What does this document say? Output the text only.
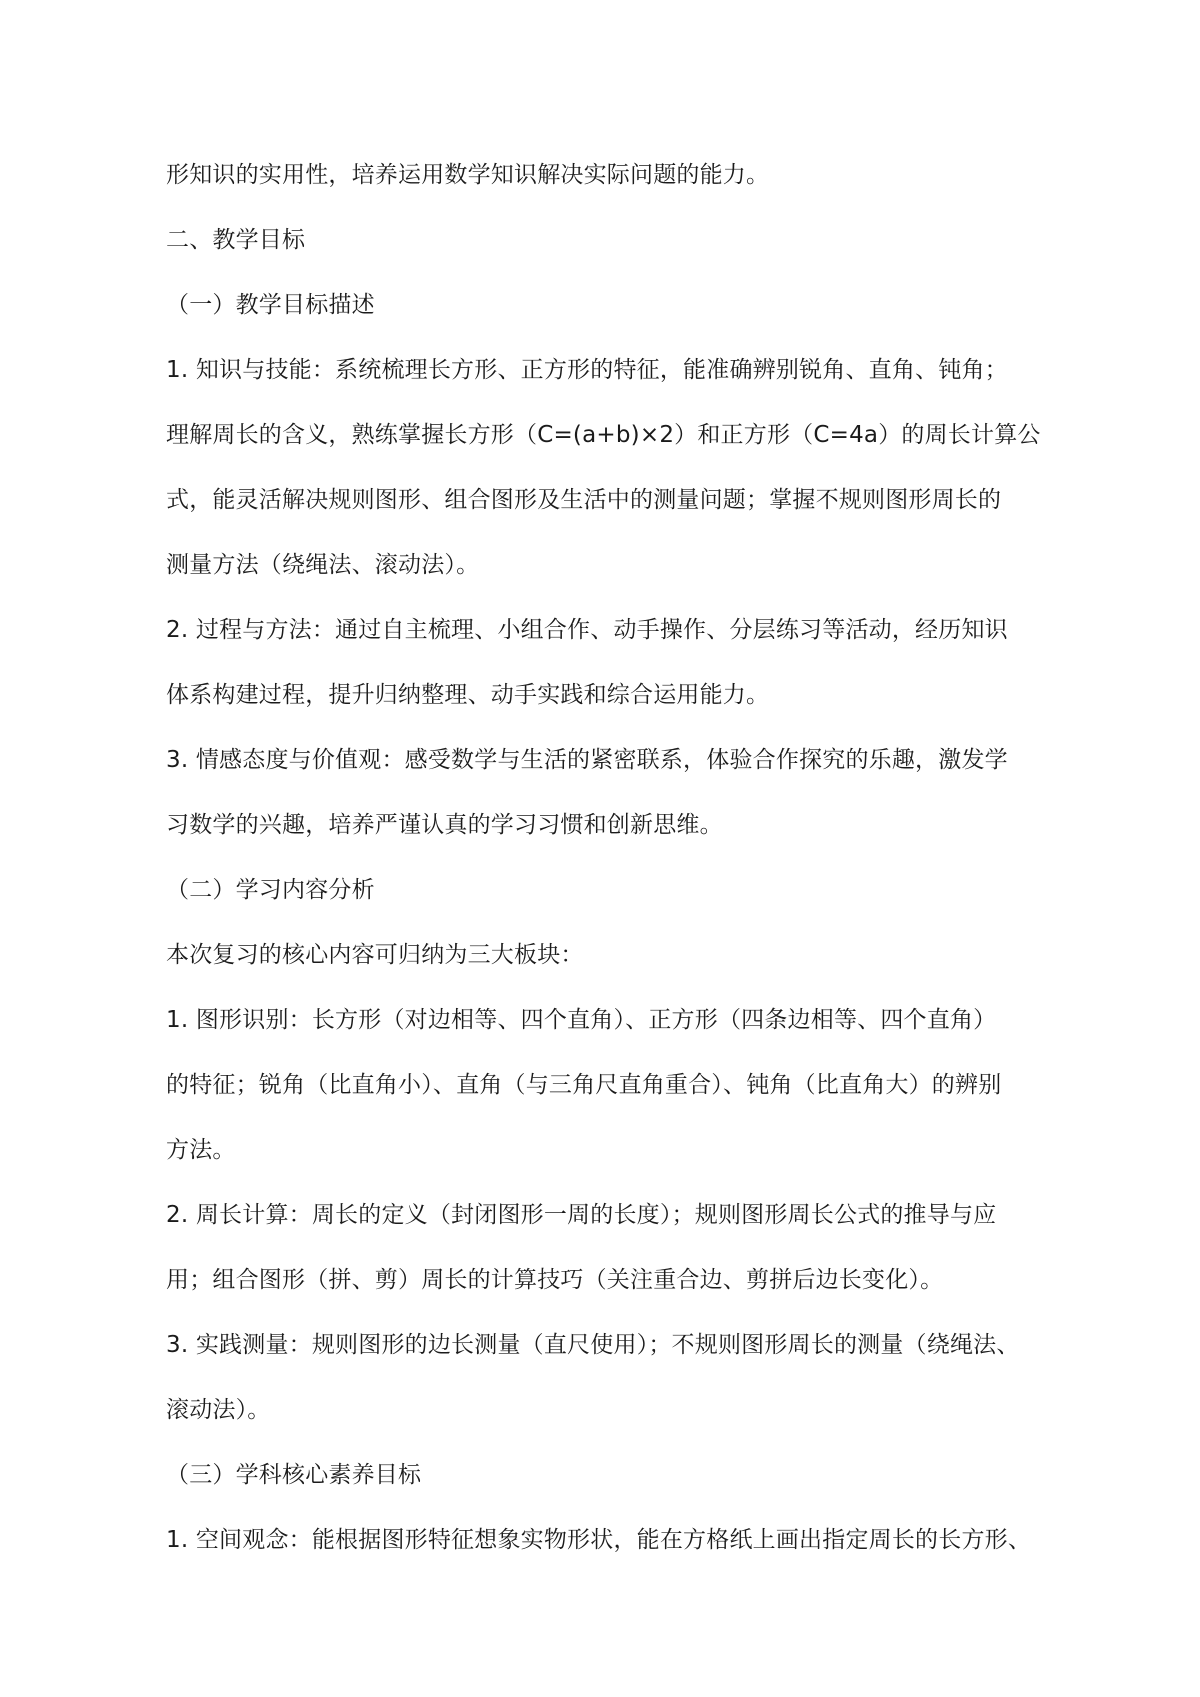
形知识的实用性，培养运用数学知识解决实际问题的能力。
二、教学目标
（一）教学目标描述
1. 知识与技能：系统梳理长方形、正方形的特征，能准确辨别锐角、直角、钝角；
理解周长的含义，熟练掌握长方形（C=(a+b)×2）和正方形（C=4a）的周长计算公
式，能灵活解决规则图形、组合图形及生活中的测量问题；掌握不规则图形周长的
测量方法（绕绳法、滚动法）。
2. 过程与方法：通过自主梳理、小组合作、动手操作、分层练习等活动，经历知识
体系构建过程，提升归纳整理、动手实践和综合运用能力。
3. 情感态度与价值观：感受数学与生活的紧密联系，体验合作探究的乐趣，激发学
习数学的兴趣，培养严谨认真的学习习惯和创新思维。
（二）学习内容分析
本次复习的核心内容可归纳为三大板块：
1. 图形识别：长方形（对边相等、四个直角）、正方形（四条边相等、四个直角）
的特征；锐角（比直角小）、直角（与三角尺直角重合）、钝角（比直角大）的辨别
方法。
2. 周长计算：周长的定义（封闭图形一周的长度）；规则图形周长公式的推导与应
用；组合图形（拼、剪）周长的计算技巧（关注重合边、剪拼后边长变化）。
3. 实践测量：规则图形的边长测量（直尺使用）；不规则图形周长的测量（绕绳法、
滚动法）。
（三）学科核心素养目标
1. 空间观念：能根据图形特征想象实物形状，能在方格纸上画出指定周长的长方形、
